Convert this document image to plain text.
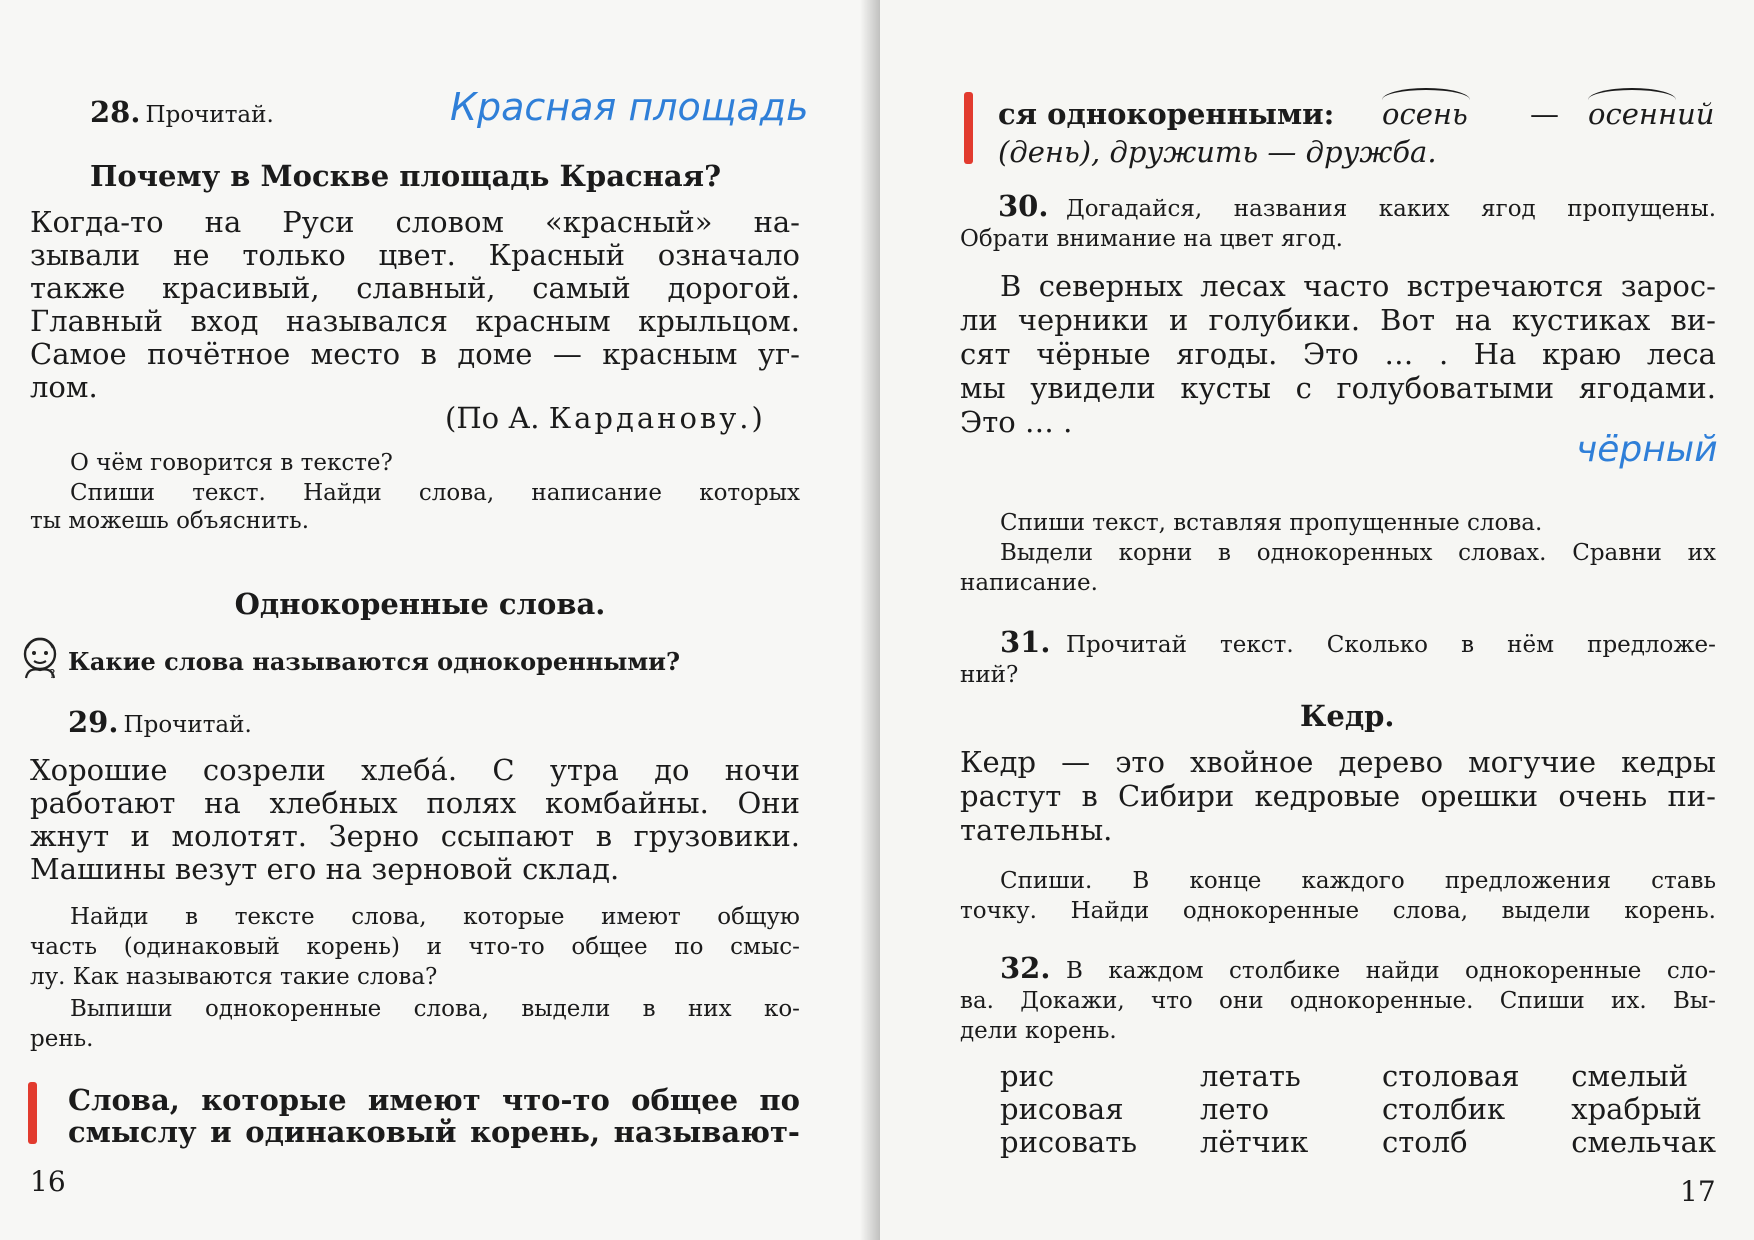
28. Прочитай.	Красная площадь
Почему в Москве площадь Красная?
Когда-то на Руси словом «красный» на-
зывали не только цвет. Красный означало
также красивый, славный, самый дорогой.
Главный вход назывался красным крыльцом.
Самое почётное место в доме — красным уг-
лом.
(По А. Карданову.)
О чём говорится в тексте?
Спиши текст. Найди слова, написание которых
ты можешь объяснить.
Однокоренные слова.
? Какие слова называются однокоренными?
29. Прочитай.
Хорошие созрели хлеба́. С утра до ночи
работают на хлебных полях комбайны. Они
жнут и молотят. Зерно ссыпают в грузовики.
Машины везут его на зерновой склад.
Найди в тексте слова, которые имеют общую
часть (одинаковый корень) и что-то общее по смыс-
лу. Как называются такие слова?
Выпиши однокоренные слова, выдели в них ко-
рень.
Слова, которые имеют что-то общее по
смыслу и одинаковый корень, называют-
16
ся однокоренными: осень — осенний
(день), дружить — дружба.
30. Догадайся, названия каких ягод пропущены.
Обрати внимание на цвет ягод.
В северных лесах часто встречаются зарос-
ли черники и голубики. Вот на кустиках ви-
сят чёрные ягоды. Это … . На краю леса
мы увидели кусты с голубоватыми ягодами.
Это … .
чёрный
Спиши текст, вставляя пропущенные слова.
Выдели корни в однокоренных словах. Сравни их
написание.
31. Прочитай текст. Сколько в нём предложе-
ний?
Кедр.
Кедр — это хвойное дерево могучие кедры
растут в Сибири кедровые орешки очень пи-
тательны.
Спиши. В конце каждого предложения ставь
точку. Найди однокоренные слова, выдели корень.
32. В каждом столбике найди однокоренные сло-
ва. Докажи, что они однокоренные. Спиши их. Вы-
дели корень.
рис
рисовая
рисовать
летать
лето
лётчик
столовая
столбик
столб
смелый
храбрый
смельчак
17
